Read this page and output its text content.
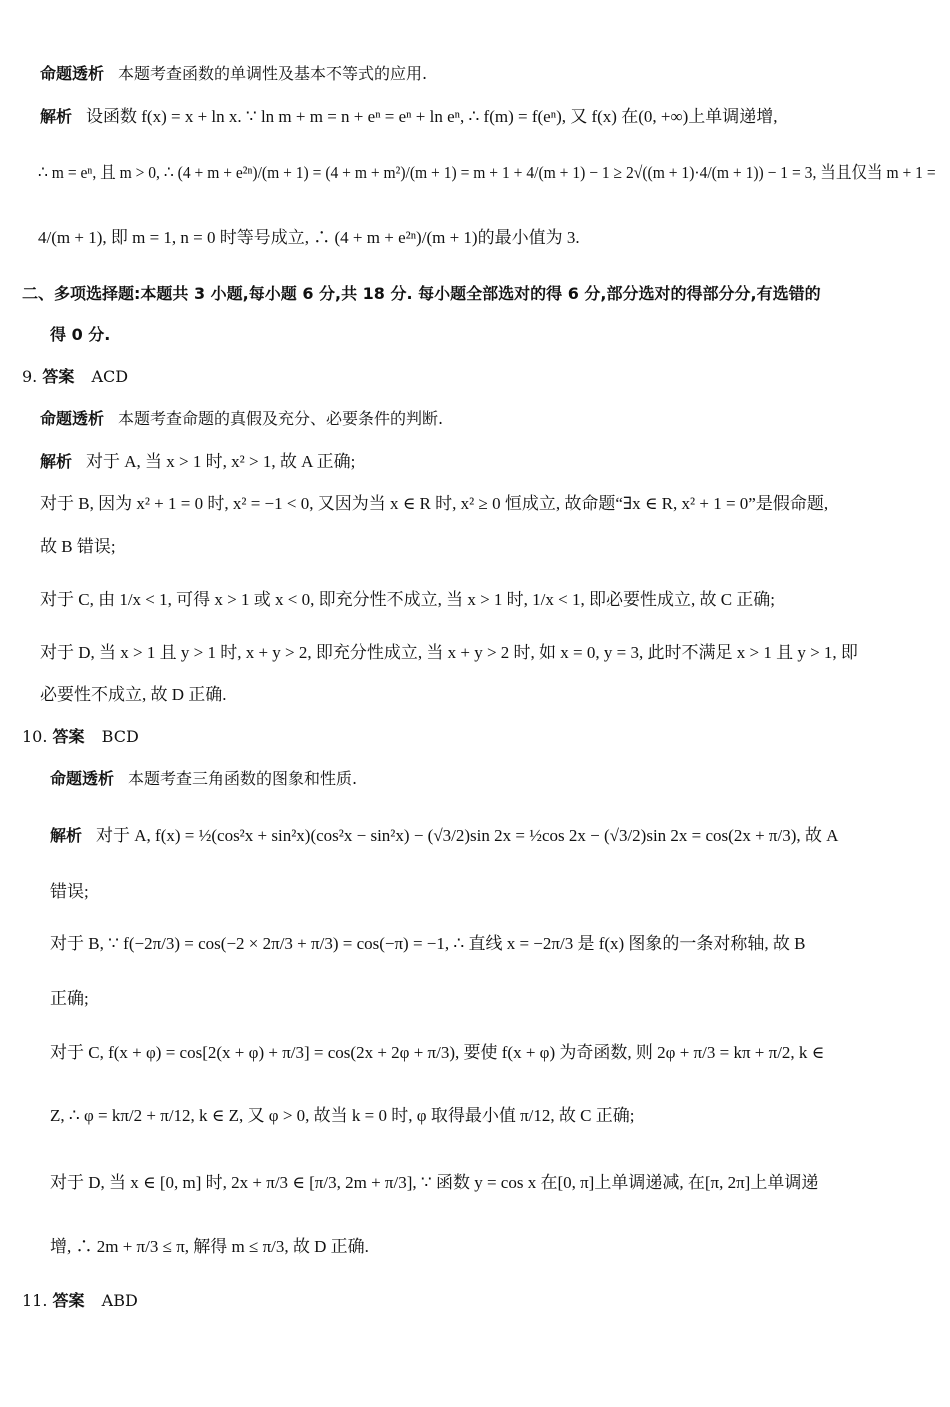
命题透析 本题考查函数的单调性及基本不等式的应用.
解析 设函数 f(x) = x + ln x. ∵ ln m + m = n + eⁿ = eⁿ + ln eⁿ, ∴ f(m) = f(eⁿ), 又 f(x) 在(0, +∞)上单调递增,
∴ m = eⁿ, 且 m > 0, ∴ (4 + m + e²ⁿ)/(m + 1) = (4 + m + m²)/(m + 1) = m + 1 + 4/(m + 1) − 1 ≥ 2√((m + 1)·4/(m + 1)) − 1 = 3, 当且仅当 m + 1 =
4/(m + 1), 即 m = 1, n = 0 时等号成立, ∴ (4 + m + e²ⁿ)/(m + 1)的最小值为 3.
二、多项选择题:本题共 3 小题,每小题 6 分,共 18 分. 每小题全部选对的得 6 分,部分选对的得部分分,有选错的
得 0 分.
9. 答案 ACD
命题透析 本题考查命题的真假及充分、必要条件的判断.
解析 对于 A, 当 x > 1 时, x² > 1, 故 A 正确;
对于 B, 因为 x² + 1 = 0 时, x² = −1 < 0, 又因为当 x ∈ R 时, x² ≥ 0 恒成立, 故命题“∃x ∈ R, x² + 1 = 0”是假命题,
故 B 错误;
对于 C, 由 1/x < 1, 可得 x > 1 或 x < 0, 即充分性不成立, 当 x > 1 时, 1/x < 1, 即必要性成立, 故 C 正确;
对于 D, 当 x > 1 且 y > 1 时, x + y > 2, 即充分性成立, 当 x + y > 2 时, 如 x = 0, y = 3, 此时不满足 x > 1 且 y > 1, 即
必要性不成立, 故 D 正确.
10. 答案 BCD
命题透析 本题考查三角函数的图象和性质.
解析 对于 A, f(x) = ½(cos²x + sin²x)(cos²x − sin²x) − (√3/2)sin 2x = ½cos 2x − (√3/2)sin 2x = cos(2x + π/3), 故 A
错误;
对于 B, ∵ f(−2π/3) = cos(−2 × 2π/3 + π/3) = cos(−π) = −1, ∴ 直线 x = −2π/3 是 f(x) 图象的一条对称轴, 故 B
正确;
对于 C, f(x + φ) = cos[2(x + φ) + π/3] = cos(2x + 2φ + π/3), 要使 f(x + φ) 为奇函数, 则 2φ + π/3 = kπ + π/2, k ∈
Z, ∴ φ = kπ/2 + π/12, k ∈ Z, 又 φ > 0, 故当 k = 0 时, φ 取得最小值 π/12, 故 C 正确;
对于 D, 当 x ∈ [0, m] 时, 2x + π/3 ∈ [π/3, 2m + π/3], ∵ 函数 y = cos x 在[0, π]上单调递减, 在[π, 2π]上单调递
增, ∴ 2m + π/3 ≤ π, 解得 m ≤ π/3, 故 D 正确.
11. 答案 ABD
